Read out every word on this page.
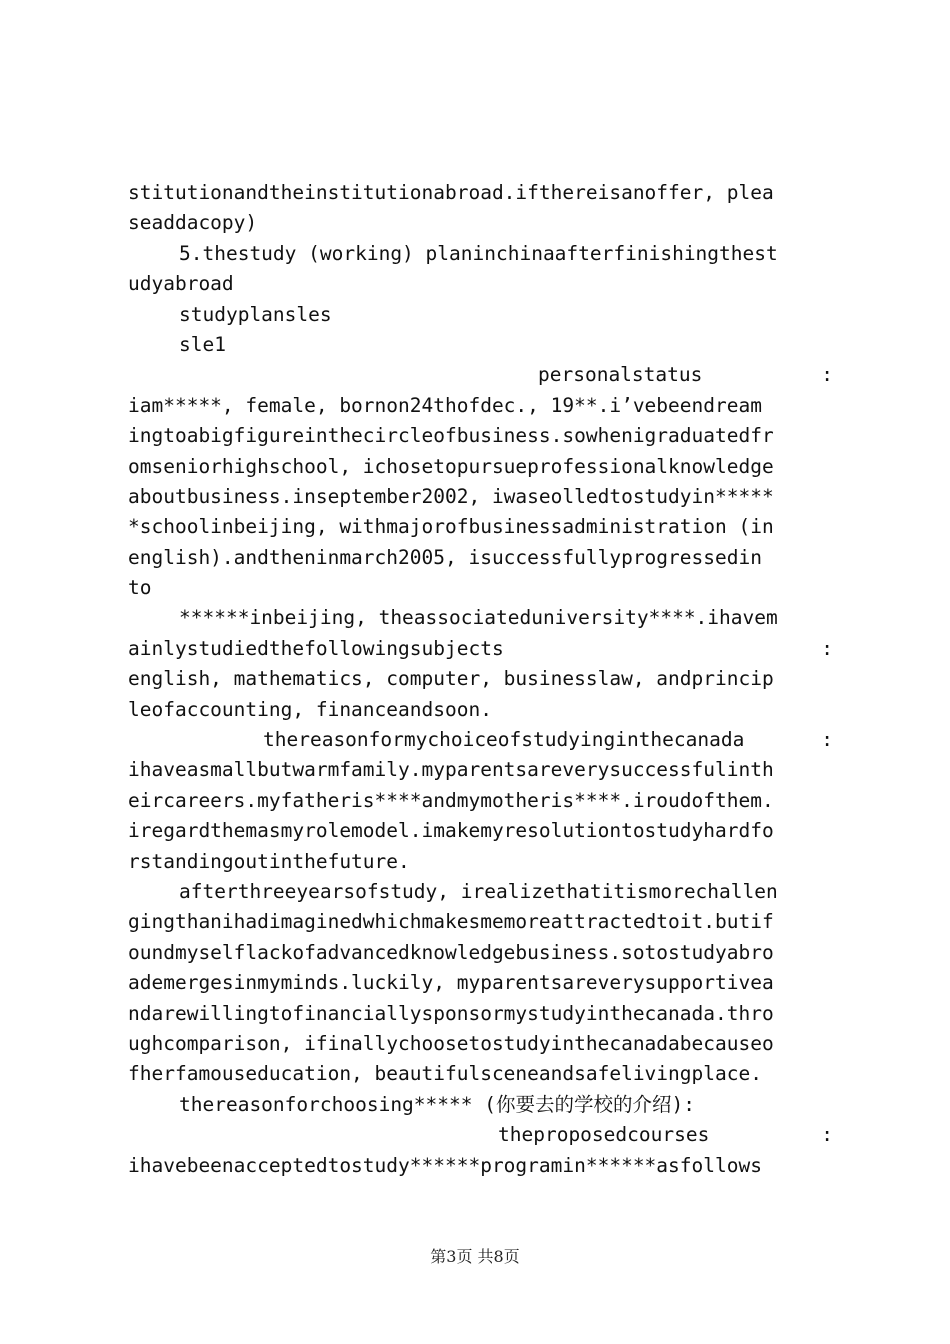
stitutionandtheinstitutionabroad.ifthereisanoffer, plea
seaddacopy)
5.thestudy (working) planinchinaafterfinishingthest
udyabroad
studyplansles
sle1
personalstatus	:
iam*****, female, bornon24thofdec., 19**.i’vebeendream
ingtoabigfigureinthecircleofbusiness.sowhenigraduatedfr
omseniorhighschool, ichosetopursueprofessionalknowledge
aboutbusiness.inseptember2002, iwaseolledtostudyin*****
*schoolinbeijing, withmajorofbusinessadministration (in
english).andtheninmarch2005, isuccessfullyprogressedin
to
******inbeijing, theassociateduniversity****.ihavem
ainlystudiedthefollowingsubjects	:
english, mathematics, computer, businesslaw, andprincip
leofaccounting, financeandsoon.
thereasonformychoiceofstudyinginthecanada	:
ihaveasmallbutwarmfamily.myparentsareverysuccessfulinth
eircareers.myfatheris****andmymotheris****.iroudofthem.
iregardthemasmyrolemodel.imakemyresolutiontostudyhardfo
rstandingoutinthefuture.
afterthreeyearsofstudy, irealizethatitismorechallen
gingthanihadimaginedwhichmakesmemoreattractedtoit.butif
oundmyselflackofadvancedknowledgebusiness.sotostudyabro
ademergesinmyminds.luckily, myparentsareverysupportivea
ndarewillingtofinanciallysponsormystudyinthecanada.thro
ughcomparison, ifinallychoosetostudyinthecanadabecauseo
fherfamouseducation, beautifulsceneandsafelivingplace.
thereasonforchoosing***** (你要去的学校的介绍):
theproposedcourses	:
ihavebeenacceptedtostudy******programin******asfollows
第3页 共8页
